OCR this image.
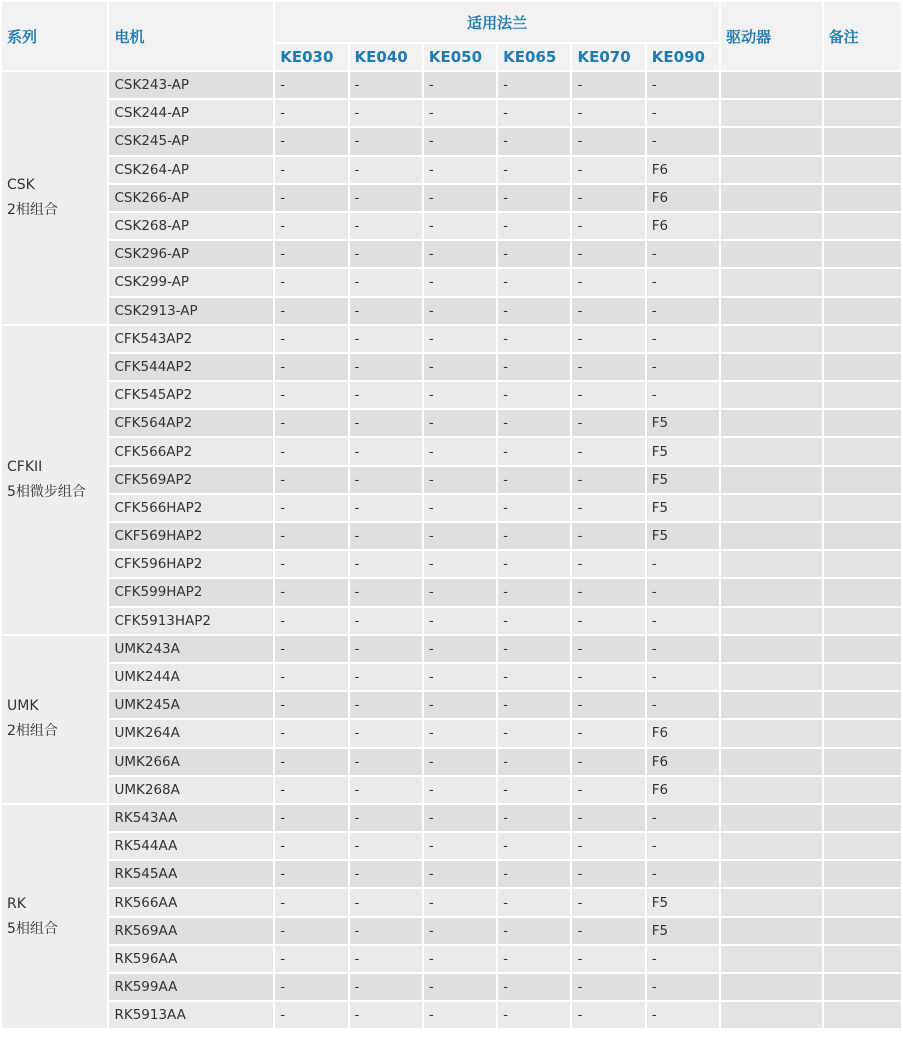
系列	电机	适用法兰						驱动器	备注
		KE030	KE040	KE050	KE065	KE070	KE090		

CSK
2相组合	CSK243-AP	-	-	-	-	-	-		
	CSK244-AP	-	-	-	-	-	-		
	CSK245-AP	-	-	-	-	-	-		
	CSK264-AP	-	-	-	-	-	F6		
	CSK266-AP	-	-	-	-	-	F6		
	CSK268-AP	-	-	-	-	-	F6		
	CSK296-AP	-	-	-	-	-	-		
	CSK299-AP	-	-	-	-	-	-		
	CSK2913-AP	-	-	-	-	-	-		

CFKII
5相微步组合	CFK543AP2	-	-	-	-	-	-		
	CFK544AP2	-	-	-	-	-	-		
	CFK545AP2	-	-	-	-	-	-		
	CFK564AP2	-	-	-	-	-	F5		
	CFK566AP2	-	-	-	-	-	F5		
	CFK569AP2	-	-	-	-	-	F5		
	CFK566HAP2	-	-	-	-	-	F5		
	CKF569HAP2	-	-	-	-	-	F5		
	CFK596HAP2	-	-	-	-	-	-		
	CFK599HAP2	-	-	-	-	-	-		
	CFK5913HAP2	-	-	-	-	-	-		

UMK
2相组合	UMK243A	-	-	-	-	-	-		
	UMK244A	-	-	-	-	-	-		
	UMK245A	-	-	-	-	-	-		
	UMK264A	-	-	-	-	-	F6		
	UMK266A	-	-	-	-	-	F6		
	UMK268A	-	-	-	-	-	F6		

RK
5相组合	RK543AA	-	-	-	-	-	-		
	RK544AA	-	-	-	-	-	-		
	RK545AA	-	-	-	-	-	-		
	RK566AA	-	-	-	-	-	F5		
	RK569AA	-	-	-	-	-	F5		
	RK596AA	-	-	-	-	-	-		
	RK599AA	-	-	-	-	-	-		
	RK5913AA	-	-	-	-	-	-		
